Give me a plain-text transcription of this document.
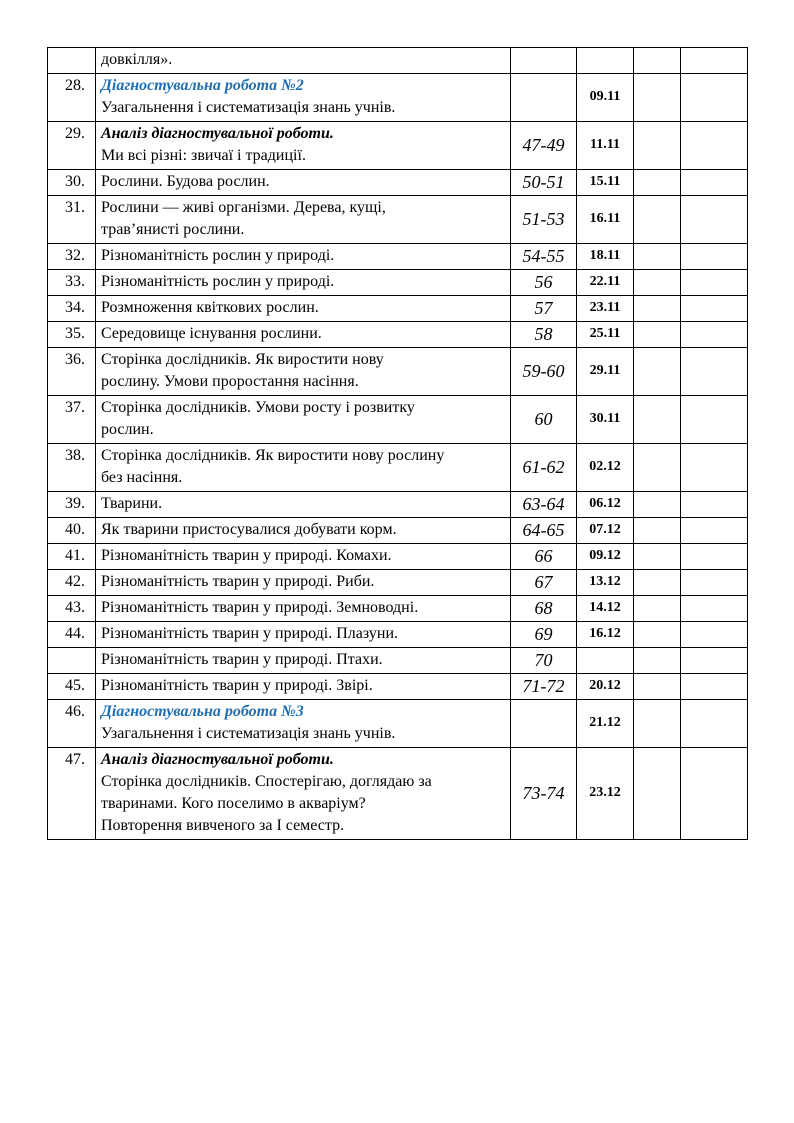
	довкілля».				

28.	Діагностувальна робота №2
Узагальнення і систематизація знань учнів.		09.11		
29.	Аналіз діагностувальної роботи.
Ми всі різні: звичаї і традиції.	47-49	11.11		
30.	Рослини. Будова рослин.	50-51	15.11		
31.	Рослини — живі організми. Дерева, кущі,
трав’янисті рослини.	51-53	16.11		
32.	Різноманітність рослин у природі.	54-55	18.11		
33.	Різноманітність рослин у природі.	56	22.11		
34.	Розмноження квіткових рослин.	57	23.11		
35.	Середовище існування рослини.	58	25.11		
36.	Сторінка дослідників. Як виростити нову
рослину. Умови проростання насіння.	59-60	29.11		
37.	Сторінка дослідників. Умови росту і розвитку
рослин.	60	30.11		
38.	Сторінка дослідників. Як виростити нову рослину
без насіння.	61-62	02.12		
39.	Тварини.	63-64	06.12		
40.	Як тварини пристосувалися добувати корм.	64-65	07.12		
41.	Різноманітність тварин у природі. Комахи.	66	09.12		
42.	Різноманітність тварин у природі. Риби.	67	13.12		
43.	Різноманітність тварин у природі. Земноводні.	68	14.12		
44.	Різноманітність тварин у природі. Плазуни.	69	16.12		

	Різноманітність тварин у природі. Птахи.	70			
45.	Різноманітність тварин у природі. Звірі.	71-72	20.12		
46.	Діагностувальна робота №3
Узагальнення і систематизація знань учнів.		21.12		
47.	Аналіз діагностувальної роботи.
Сторінка дослідників. Спостерігаю, доглядаю за
тваринами. Кого поселимо в акваріум?
Повторення вивченого за І семестр.	73-74	23.12		
